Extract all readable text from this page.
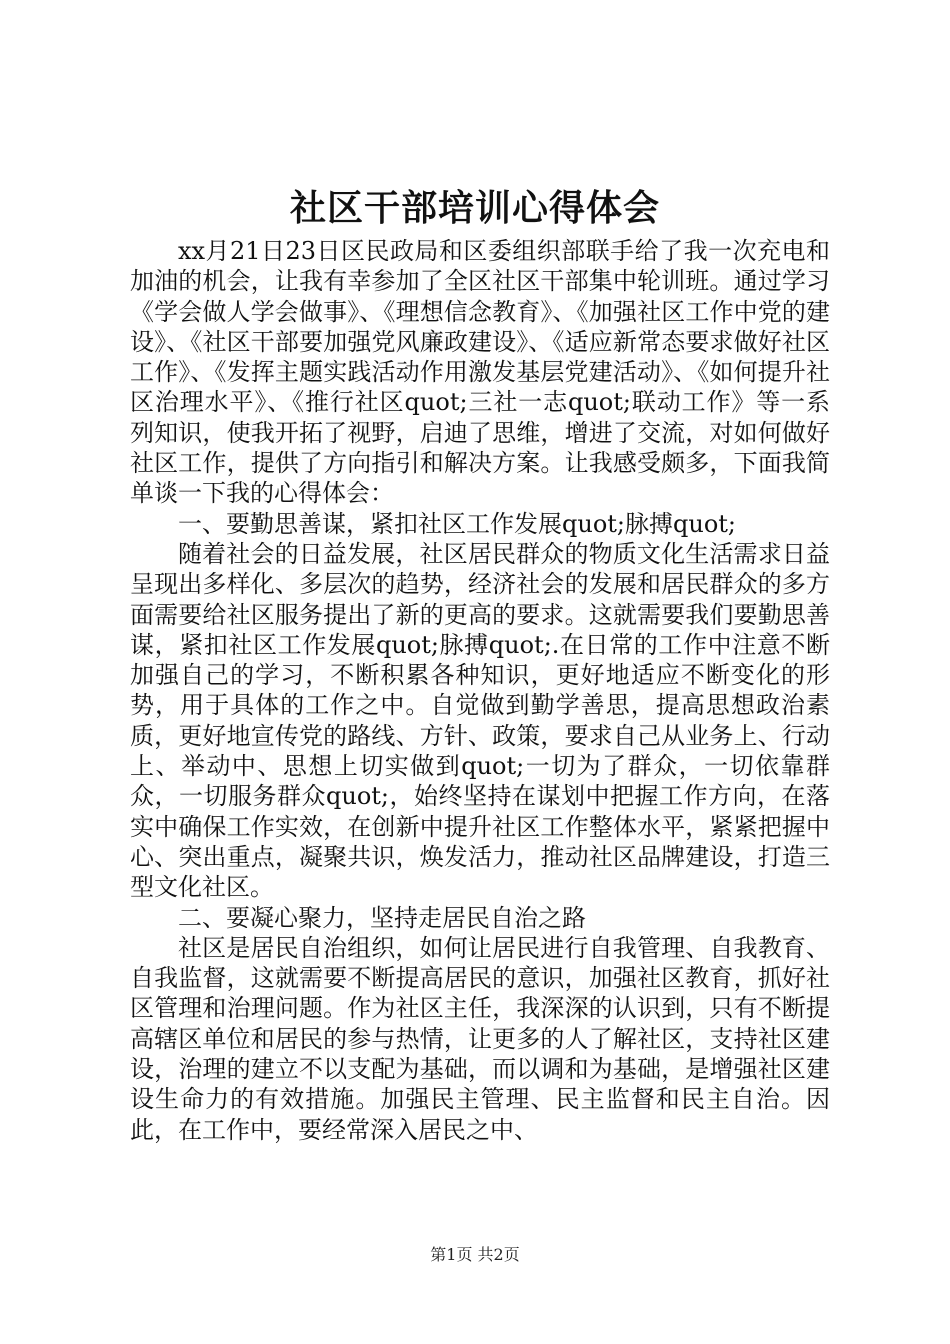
社区干部培训心得体会

xx月21日23日区民政局和区委组织部联手给了我一次充电和加油的机会，让我有幸参加了全区社区干部集中轮训班。通过学习《学会做人学会做事》、《理想信念教育》、《加强社区工作中党的建设》、《社区干部要加强党风廉政建设》、《适应新常态要求做好社区工作》、《发挥主题实践活动作用激发基层党建活动》、《如何提升社区治理水平》、《推行社区quot;三社一志quot;联动工作》等一系列知识，使我开拓了视野，启迪了思维，增进了交流，对如何做好社区工作，提供了方向指引和解决方案。让我感受颇多，下面我简单谈一下我的心得体会：

一、要勤思善谋，紧扣社区工作发展quot;脉搏quot;

随着社会的日益发展，社区居民群众的物质文化生活需求日益呈现出多样化、多层次的趋势，经济社会的发展和居民群众的多方面需要给社区服务提出了新的更高的要求。这就需要我们要勤思善谋，紧扣社区工作发展quot;脉搏quot;.在日常的工作中注意不断加强自己的学习，不断积累各种知识，更好地适应不断变化的形势，用于具体的工作之中。自觉做到勤学善思，提高思想政治素质，更好地宣传党的路线、方针、政策，要求自己从业务上、行动上、举动中、思想上切实做到quot;一切为了群众，一切依靠群众，一切服务群众quot;，始终坚持在谋划中把握工作方向，在落实中确保工作实效，在创新中提升社区工作整体水平，紧紧把握中心、突出重点，凝聚共识，焕发活力，推动社区品牌建设，打造三型文化社区。

二、要凝心聚力，坚持走居民自治之路

社区是居民自治组织，如何让居民进行自我管理、自我教育、自我监督，这就需要不断提高居民的意识，加强社区教育，抓好社区管理和治理问题。作为社区主任，我深深的认识到，只有不断提高辖区单位和居民的参与热情，让更多的人了解社区，支持社区建设，治理的建立不以支配为基础，而以调和为基础，是增强社区建设生命力的有效措施。加强民主管理、民主监督和民主自治。因此，在工作中，要经常深入居民之中、

第1页 共2页
